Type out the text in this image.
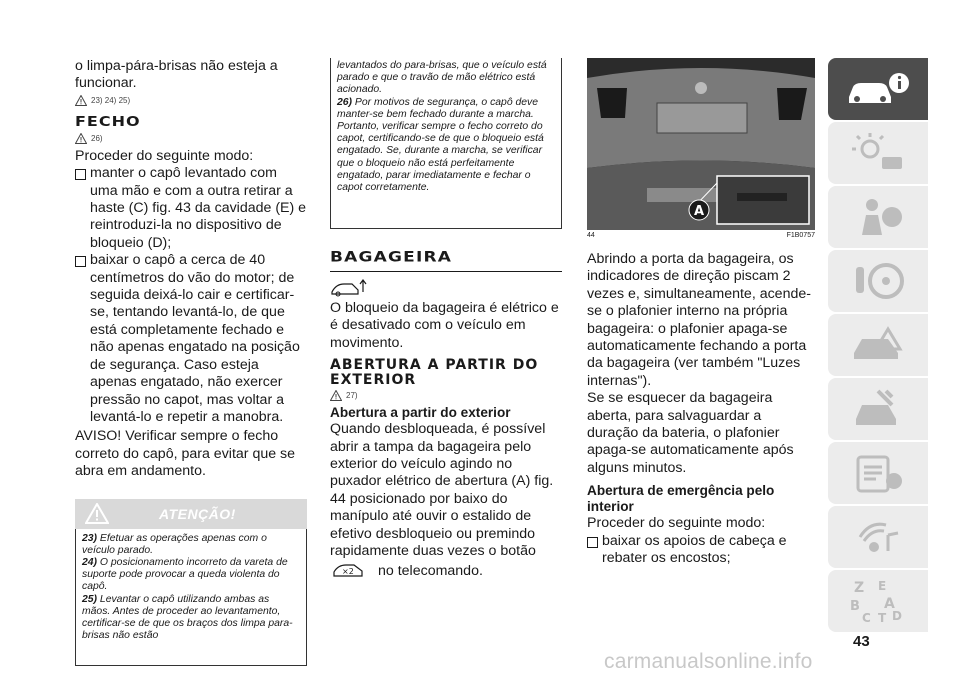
o limpa-pára-brisas não esteja a funcionar.

23) 24) 25)
FECHO
26)

Proceder do seguinte modo:

manter o capô levantado com uma mão e com a outra retirar a haste (C) fig. 43 da cavidade (E) e reintroduzi-la no dispositivo de bloqueio (D);

baixar o capô a cerca de 40 centímetros do vão do motor; de seguida deixá-lo cair e certificar-se, tentando levantá-lo, de que está completamente fechado e não apenas engatado na posição de segurança. Caso esteja apenas engatado, não exercer pressão no capot, mas voltar a levantá-lo e repetir a manobra.

AVISO! Verificar sempre o fecho correto do capô, para evitar que se abra em andamento.

ATENÇÃO!

23) Efetuar as operações apenas com o veículo parado.

24) O posicionamento incorreto da vareta de suporte pode provocar a queda violenta do capô.

25) Levantar o capô utilizando ambas as mãos. Antes de proceder ao levantamento, certificar-se de que os braços dos limpa para-brisas não estão

levantados do para-brisas, que o veículo está parado e que o travão de mão elétrico está acionado.

26) Por motivos de segurança, o capô deve manter-se bem fechado durante a marcha. Portanto, verificar sempre o fecho correto do capot, certificando-se de que o bloqueio está engatado. Se, durante a marcha, se verificar que o bloqueio não está perfeitamente engatado, parar imediatamente e fechar o capot corretamente.

BAGAGEIRA

O bloqueio da bagageira é elétrico e é desativado com o veículo em movimento.

ABERTURA A PARTIR DO EXTERIOR
27)
Abertura a partir do exterior

Quando desbloqueada, é possível abrir a tampa da bagageira pelo exterior do veículo agindo no puxador elétrico de abertura (A) fig. 44 posicionado por baixo do manípulo até ouvir o estalido de efetivo desbloqueio ou premindo rapidamente duas vezes o botão

×2 no telecomando.

A
44	F1B0757

Abrindo a porta da bagageira, os indicadores de direção piscam 2 vezes e, simultaneamente, acende-se o plafonier interno na própria bagageira: o plafonier apaga-se automaticamente fechando a porta da bagageira (ver também "Luzes internas").

Se se esquecer da bagageira aberta, para salvaguardar a duração da bateria, o plafonier apaga-se automaticamente após alguns minutos.

Abertura de emergência pelo interior

Proceder do seguinte modo:

baixar os apoios de cabeça e rebater os encostos;

Z E
B A
C T D
43
carmanualsonline.info
